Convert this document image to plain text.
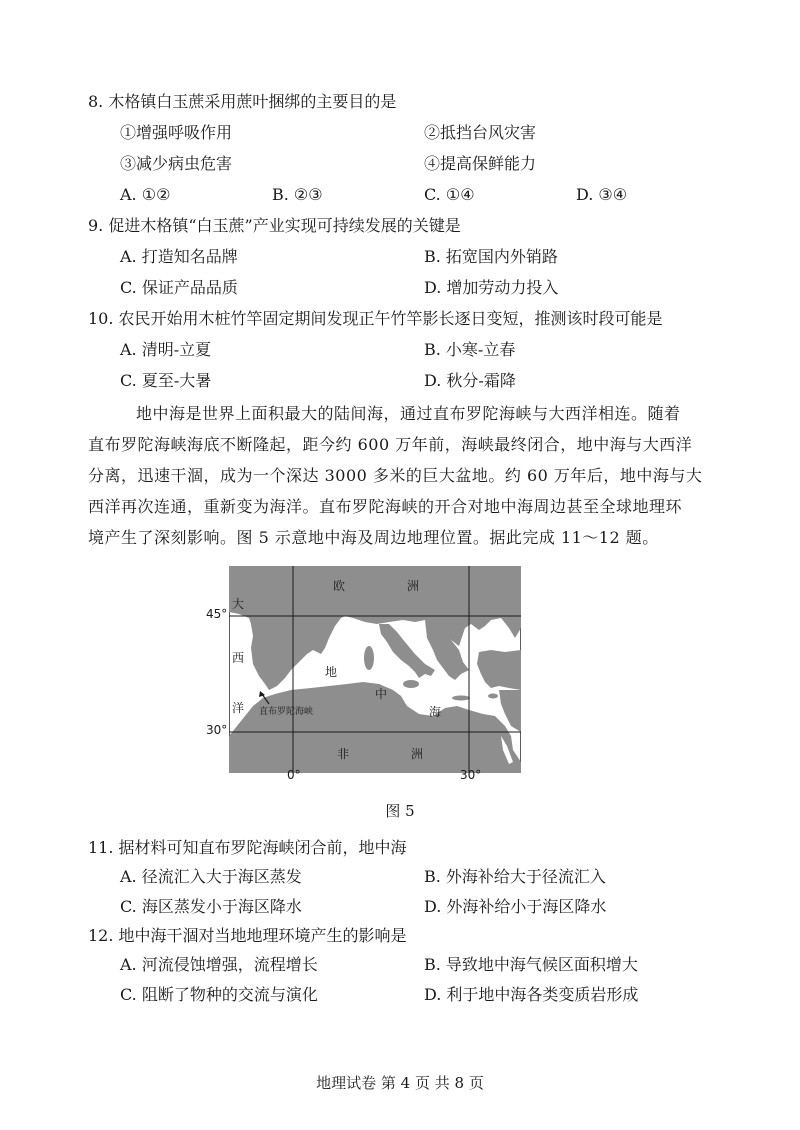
8. 木格镇白玉蔗采用蔗叶捆绑的主要目的是
①增强呼吸作用	②抵挡台风灾害
③减少病虫危害	④提高保鲜能力
A. ①②	B. ②③	C. ①④	D. ③④
9. 促进木格镇“白玉蔗”产业实现可持续发展的关键是
A. 打造知名品牌	B. 拓宽国内外销路
C. 保证产品品质	D. 增加劳动力投入
10. 农民开始用木桩竹竿固定期间发现正午竹竿影长逐日变短，推测该时段可能是
A. 清明-立夏	B. 小寒-立春
C. 夏至-大暑	D. 秋分-霜降
地中海是世界上面积最大的陆间海，通过直布罗陀海峡与大西洋相连。随着
直布罗陀海峡海底不断隆起，距今约 600 万年前，海峡最终闭合，地中海与大西洋
分离，迅速干涸，成为一个深达 3000 多米的巨大盆地。约 60 万年后，地中海与大
西洋再次连通，重新变为海洋。直布罗陀海峡的开合对地中海周边甚至全球地理环
境产生了深刻影响。图 5 示意地中海及周边地理位置。据此完成 11～12 题。
欧	洲
非	洲
大
西
洋
地
中
海
直布罗陀海峡
45°
30°
0°	30°
图 5
11. 据材料可知直布罗陀海峡闭合前，地中海
A. 径流汇入大于海区蒸发	B. 外海补给大于径流汇入
C. 海区蒸发小于海区降水	D. 外海补给小于海区降水
12. 地中海干涸对当地地理环境产生的影响是
A. 河流侵蚀增强，流程增长	B. 导致地中海气候区面积增大
C. 阻断了物种的交流与演化	D. 利于地中海各类变质岩形成
地理试卷 第 4 页 共 8 页
